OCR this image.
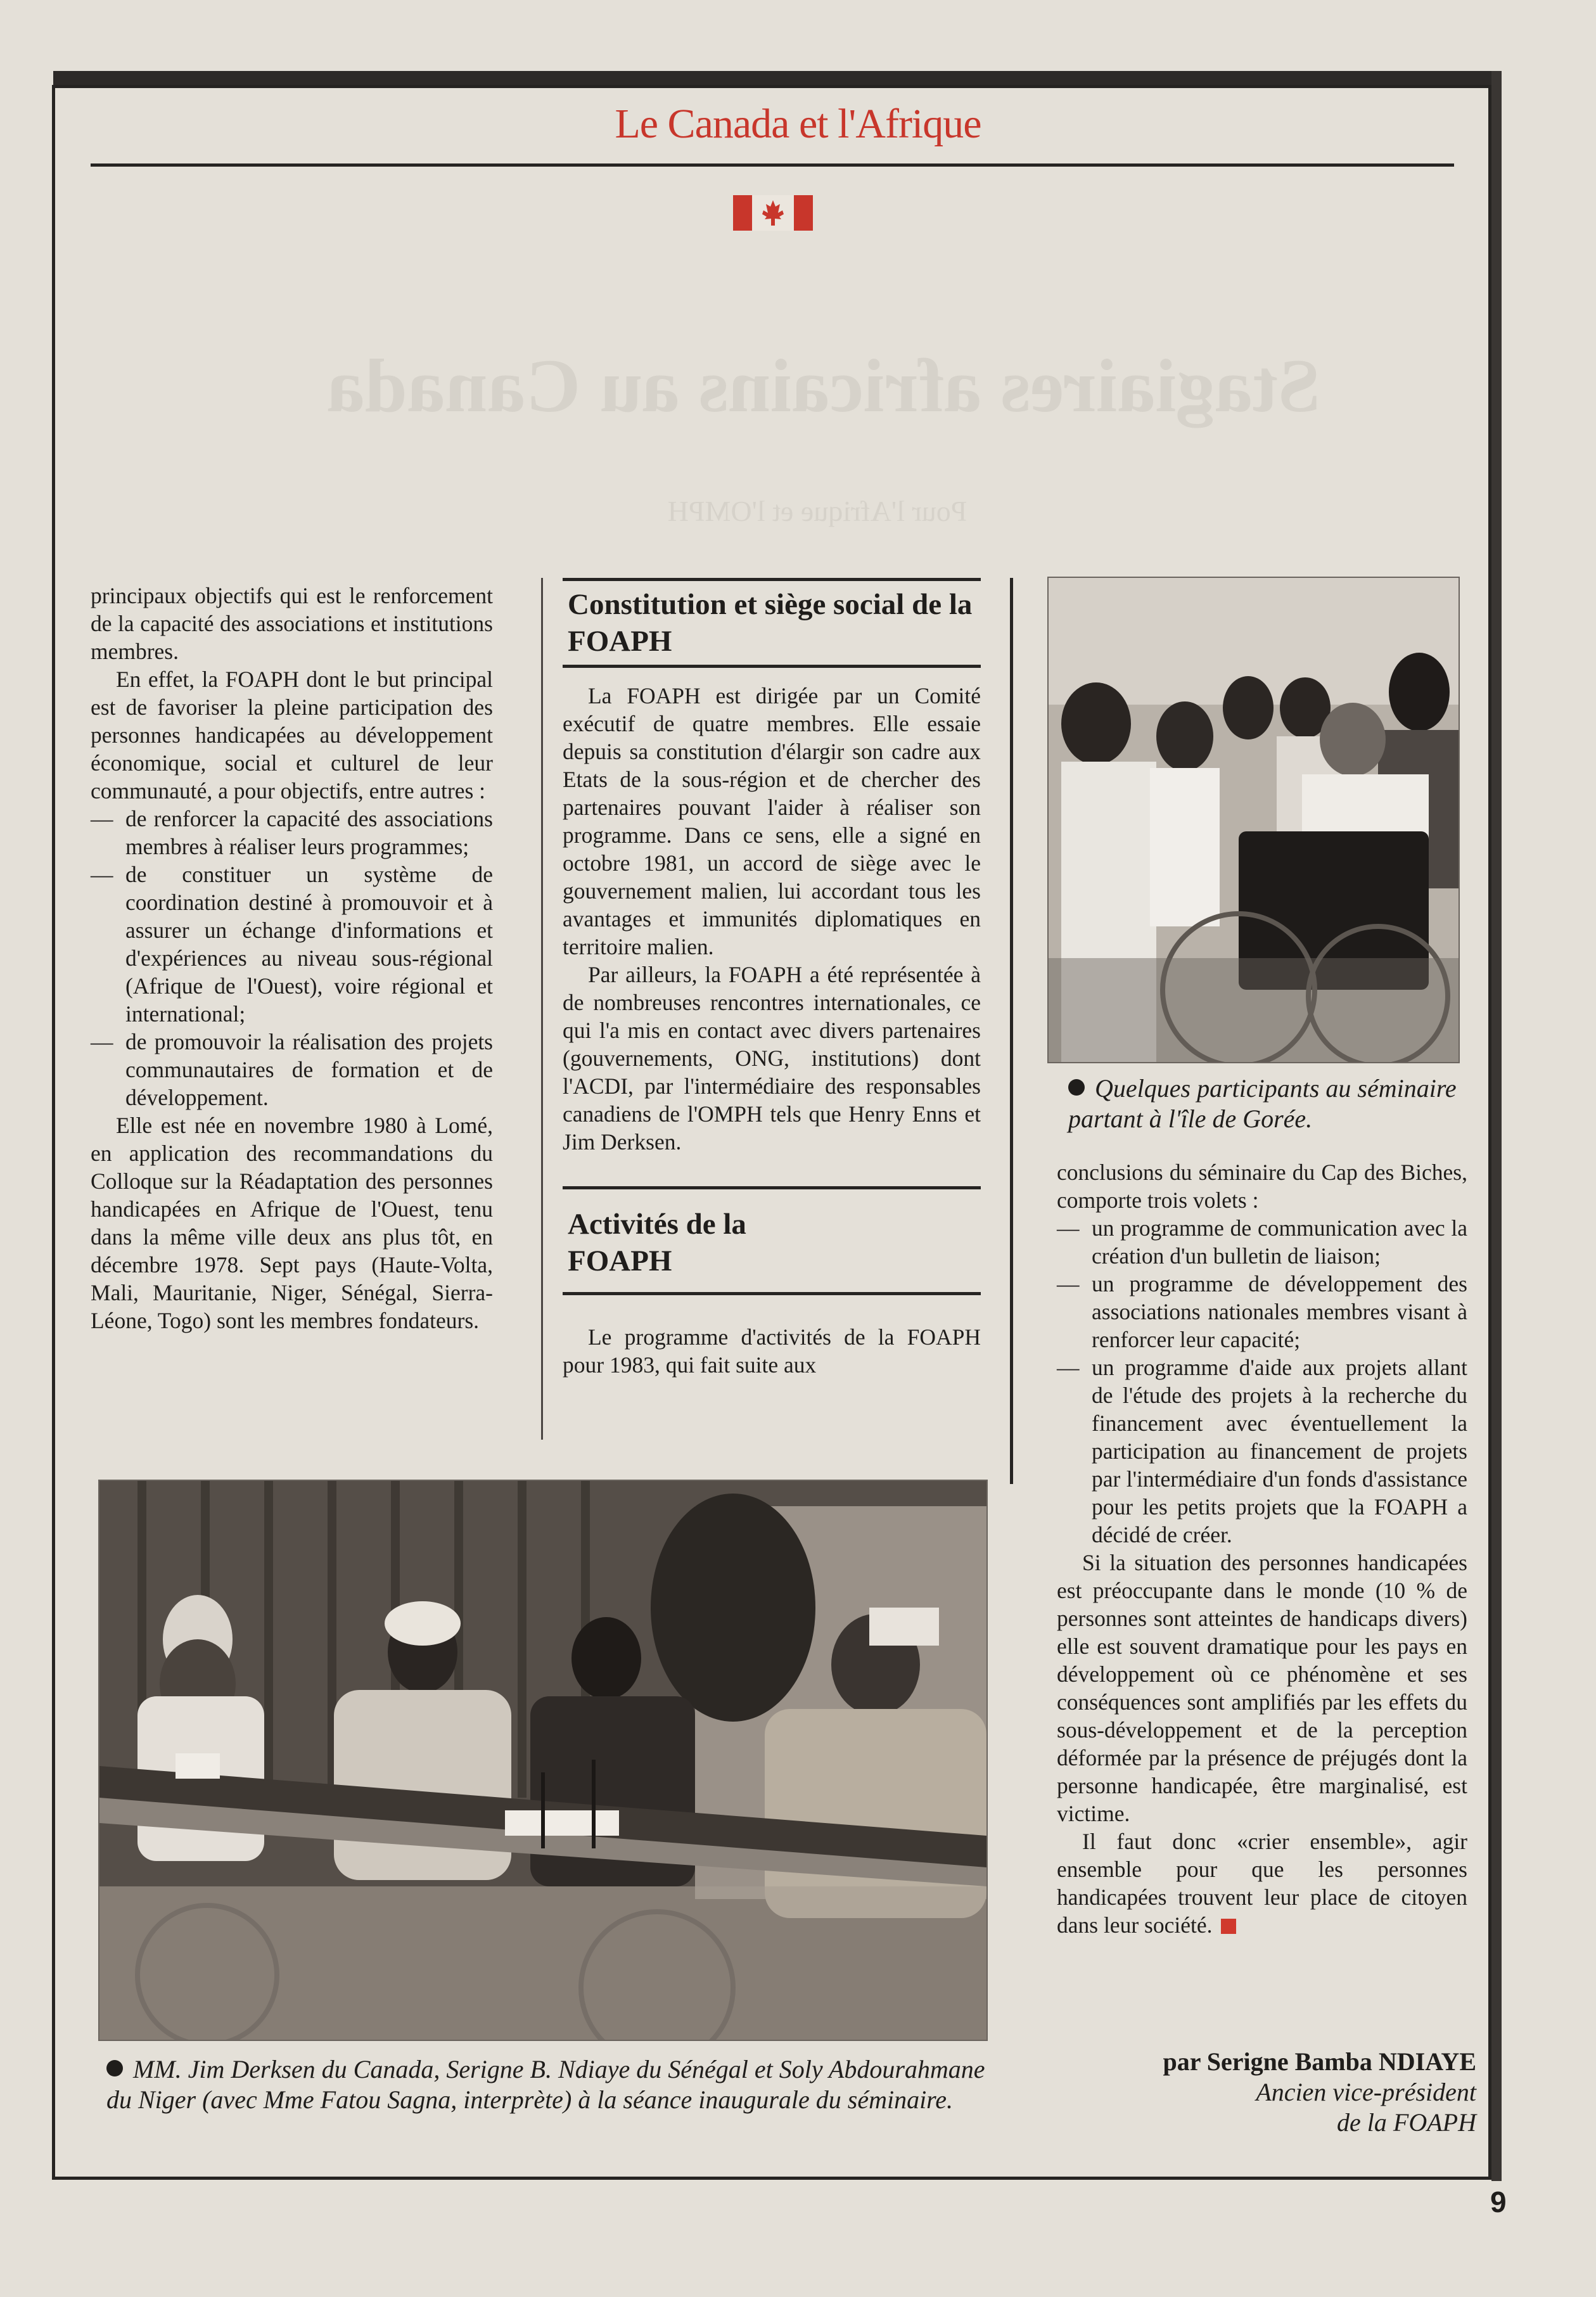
Le Canada et l'Afrique
Stagiaires africains au Canada
Pour l'Afrique et l'OMPH

principaux objectifs qui est le renforcement de la capacité des associations et institutions membres.

En effet, la FOAPH dont le but principal est de favoriser la pleine participation des personnes handicapées au développement économique, social et culturel de leur communauté, a pour objectifs, entre autres :

— de renforcer la capacité des associations membres à réaliser leurs programmes;
— de constituer un système de coordination destiné à promouvoir et à assurer un échange d'informations et d'expériences au niveau sous-régional (Afrique de l'Ouest), voire régional et international;
— de promouvoir la réalisation des projets communautaires de formation et de développement.

Elle est née en novembre 1980 à Lomé, en application des recommandations du Colloque sur la Réadaptation des personnes handicapées en Afrique de l'Ouest, tenu dans la même ville deux ans plus tôt, en décembre 1978. Sept pays (Haute-Volta, Mali, Mauritanie, Niger, Sénégal, Sierra-Léone, Togo) sont les membres fondateurs.

Constitution et siège social de la FOAPH

La FOAPH est dirigée par un Comité exécutif de quatre membres. Elle essaie depuis sa constitution d'élargir son cadre aux Etats de la sous-région et de chercher des partenaires pouvant l'aider à réaliser son programme. Dans ce sens, elle a signé en octobre 1981, un accord de siège avec le gouvernement malien, lui accordant tous les avantages et immunités diplomatiques en territoire malien.

Par ailleurs, la FOAPH a été représentée à de nombreuses rencontres internationales, ce qui l'a mis en contact avec divers partenaires (gouvernements, ONG, institutions) dont l'ACDI, par l'intermédiaire des responsables canadiens de l'OMPH tels que Henry Enns et Jim Derksen.

Activités de la FOAPH

Le programme d'activités de la FOAPH pour 1983, qui fait suite aux

Quelques participants au séminaire partant à l'île de Gorée.

conclusions du séminaire du Cap des Biches, comporte trois volets :

— un programme de communication avec la création d'un bulletin de liaison;
— un programme de développement des associations nationales membres visant à renforcer leur capacité;
— un programme d'aide aux projets allant de l'étude des projets à la recherche du financement avec éventuellement la participation au financement de projets par l'intermédiaire d'un fonds d'assistance pour les petits projets que la FOAPH a décidé de créer.

Si la situation des personnes handicapées est préoccupante dans le monde (10 % de personnes sont atteintes de handicaps divers) elle est souvent dramatique pour les pays en développement où ce phénomène et ses conséquences sont amplifiés par les effets du sous-développement et de la perception déformée par la présence de préjugés dont la personne handicapée, être marginalisé, est victime.

Il faut donc «crier ensemble», agir ensemble pour que les personnes handicapées trouvent leur place de citoyen dans leur société.

MM. Jim Derksen du Canada, Serigne B. Ndiaye du Sénégal et Soly Abdourahmane du Niger (avec Mme Fatou Sagna, interprète) à la séance inaugurale du séminaire.
par Serigne Bamba NDIAYE
Ancien vice-président
de la FOAPH
9
